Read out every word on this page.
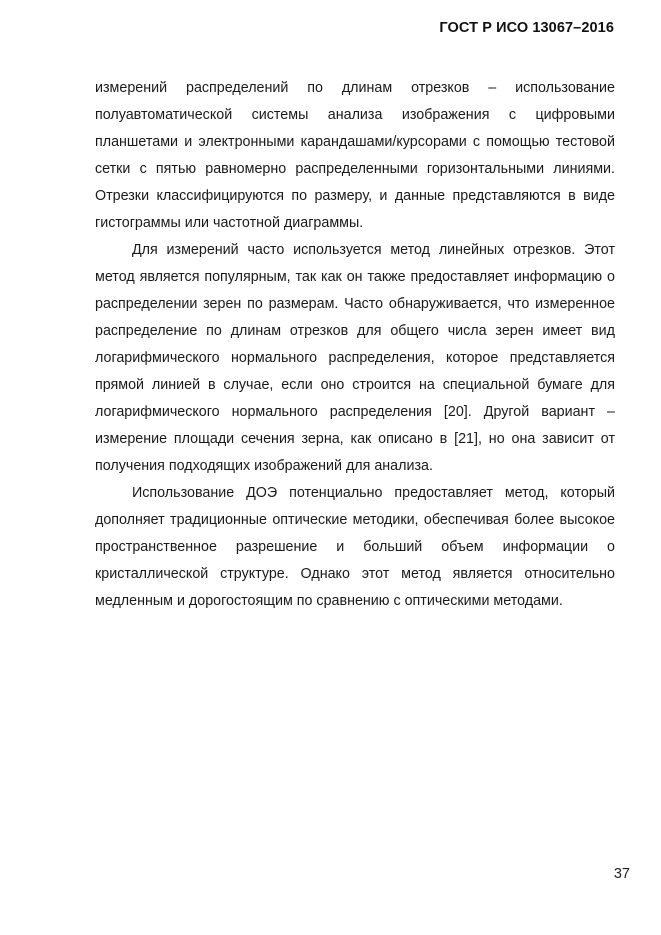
ГОСТ Р ИСО 13067–2016

измерений распределений по длинам отрезков – использование полуавтоматической системы анализа изображения с цифровыми планшетами и электронными карандашами/курсорами с помощью тестовой сетки с пятью равномерно распределенными горизонтальными линиями. Отрезки классифицируются по размеру, и данные представляются в виде гистограммы или частотной диаграммы.

Для измерений часто используется метод линейных отрезков. Этот метод является популярным, так как он также предоставляет информацию о распределении зерен по размерам. Часто обнаруживается, что измеренное распределение по длинам отрезков для общего числа зерен имеет вид логарифмического нормального распределения, которое представляется прямой линией в случае, если оно строится на специальной бумаге для логарифмического нормального распределения [20]. Другой вариант – измерение площади сечения зерна, как описано в [21], но она зависит от получения подходящих изображений для анализа.

Использование ДОЭ потенциально предоставляет метод, который дополняет традиционные оптические методики, обеспечивая более высокое пространственное разрешение и больший объем информации о кристаллической структуре. Однако этот метод является относительно медленным и дорогостоящим по сравнению с оптическими методами.

37
